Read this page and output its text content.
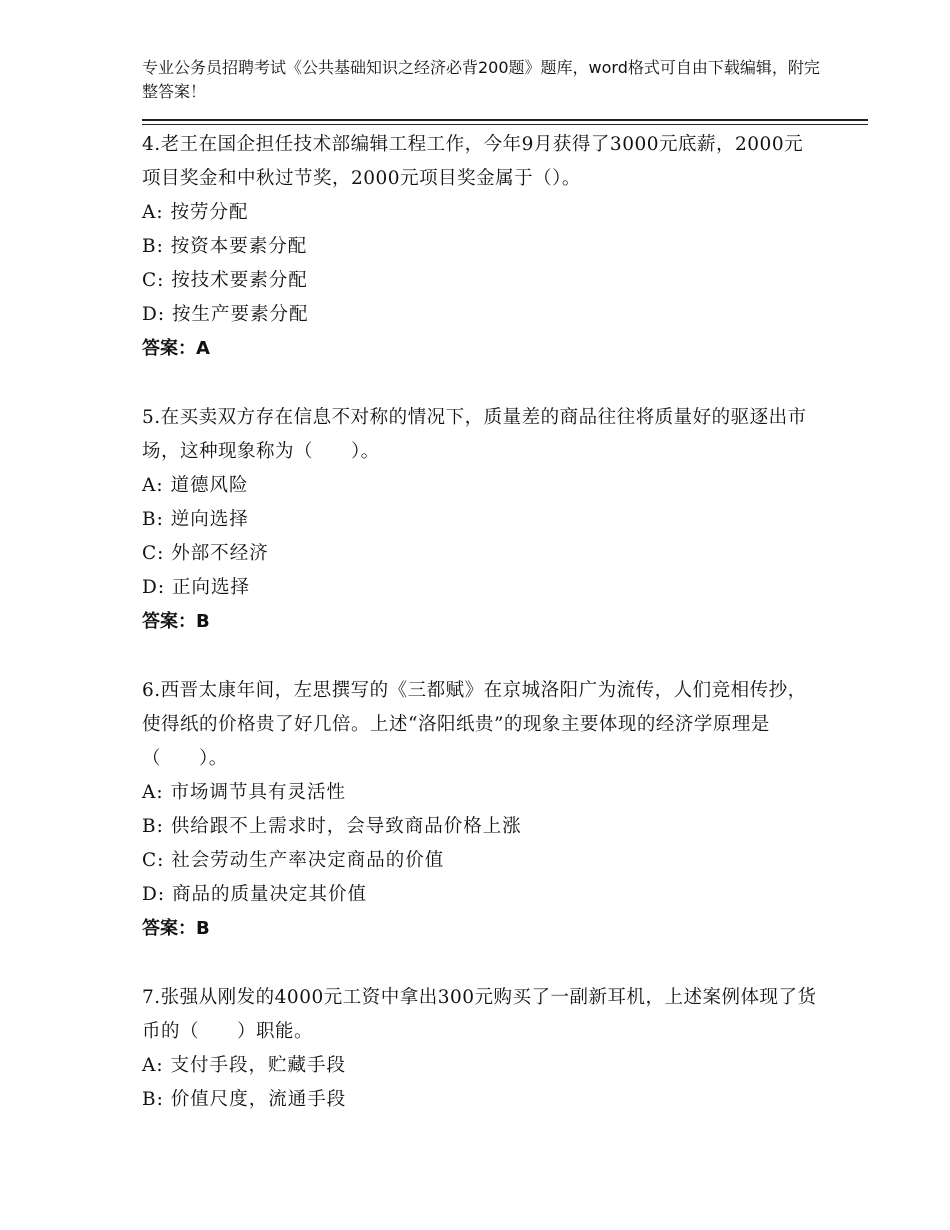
专业公务员招聘考试《公共基础知识之经济必背200题》题库，word格式可自由下载编辑，附完整答案！

4.老王在国企担任技术部编辑工程工作，今年9月获得了3000元底薪，2000元项目奖金和中秋过节奖，2000元项目奖金属于（）。

A: 按劳分配

B: 按资本要素分配

C: 按技术要素分配

D: 按生产要素分配

答案：A

5.在买卖双方存在信息不对称的情况下，质量差的商品往往将质量好的驱逐出市场，这种现象称为（　　）。

A: 道德风险

B: 逆向选择

C: 外部不经济

D: 正向选择

答案：B

6.西晋太康年间，左思撰写的《三都赋》在京城洛阳广为流传，人们竞相传抄，使得纸的价格贵了好几倍。上述“洛阳纸贵”的现象主要体现的经济学原理是（　　）。

A: 市场调节具有灵活性

B: 供给跟不上需求时，会导致商品价格上涨

C: 社会劳动生产率决定商品的价值

D: 商品的质量决定其价值

答案：B

7.张强从刚发的4000元工资中拿出300元购买了一副新耳机，上述案例体现了货币的（　　）职能。

A: 支付手段，贮藏手段

B: 价值尺度，流通手段
